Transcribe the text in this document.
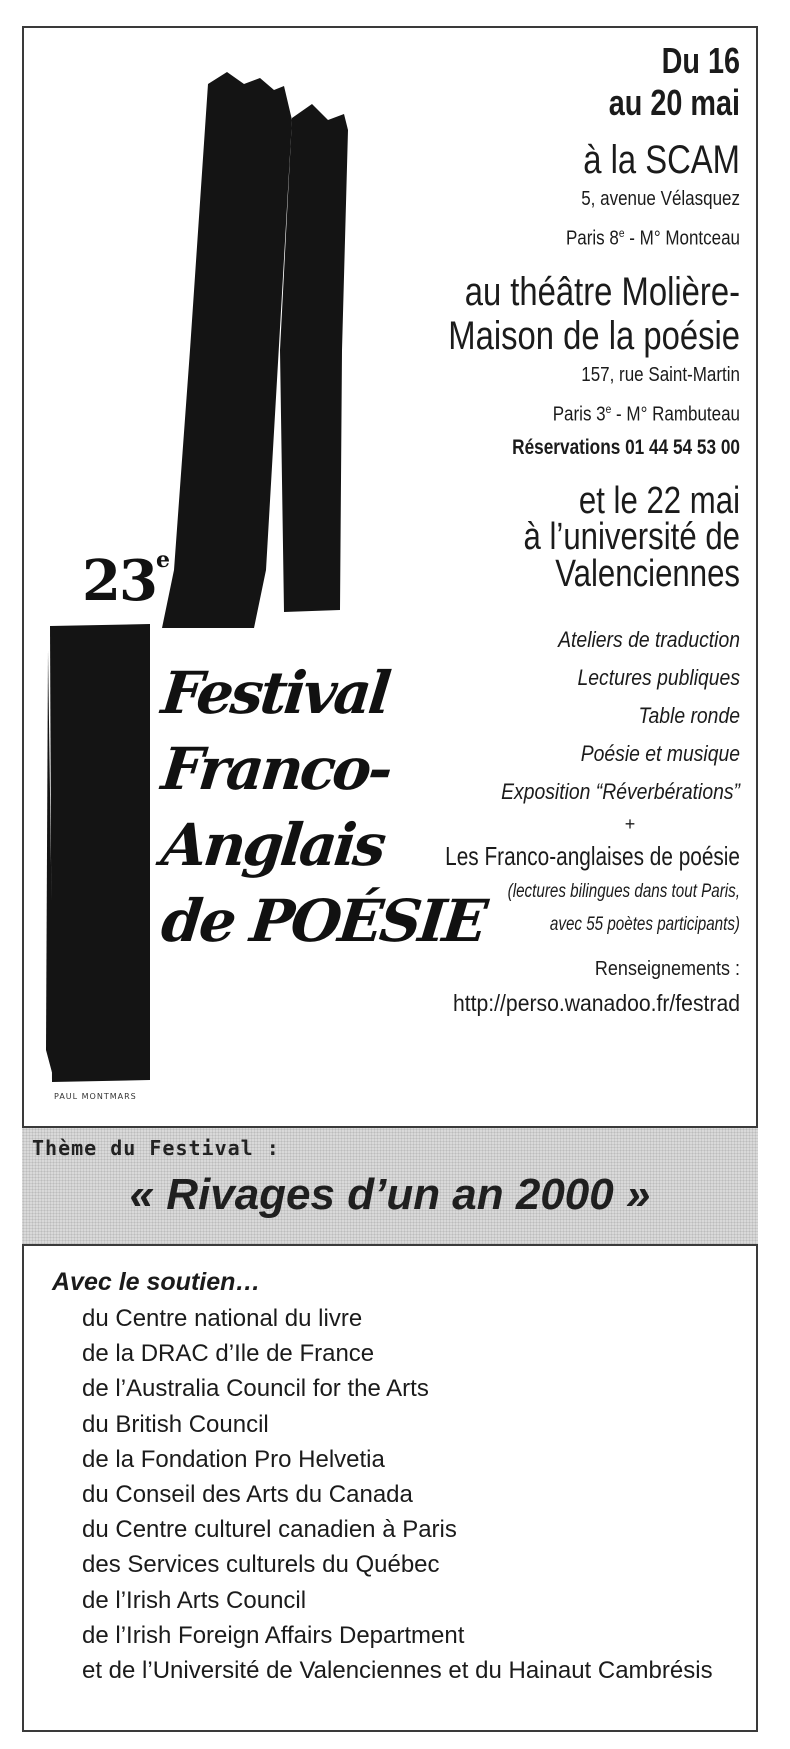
23e
Festival
Franco-
Anglais
de POÉSIE
PAUL MONTMARS
Du 16
au 20 mai
à la SCAM
5, avenue Vélasquez
Paris 8e - M° Montceau
au théâtre Molière-
Maison de la poésie
157, rue Saint-Martin
Paris 3e - M° Rambuteau
Réservations 01 44 54 53 00
et le 22 mai
à l’université de
Valenciennes
Ateliers de traduction
Lectures publiques
Table ronde
Poésie et musique
Exposition “Réverbérations”
+
Les Franco-anglaises de poésie
(lectures bilingues dans tout Paris,
avec 55 poètes participants)
Renseignements :
http://perso.wanadoo.fr/festrad
Thème du Festival :
« Rivages d’un an 2000 »
Avec le soutien…
du Centre national du livre
de la DRAC d’Ile de France
de l’Australia Council for the Arts
du British Council
de la Fondation Pro Helvetia
du Conseil des Arts du Canada
du Centre culturel canadien à Paris
des Services culturels du Québec
de l’Irish Arts Council
de l’Irish Foreign Affairs Department
et de l’Université de Valenciennes et du Hainaut Cambrésis
